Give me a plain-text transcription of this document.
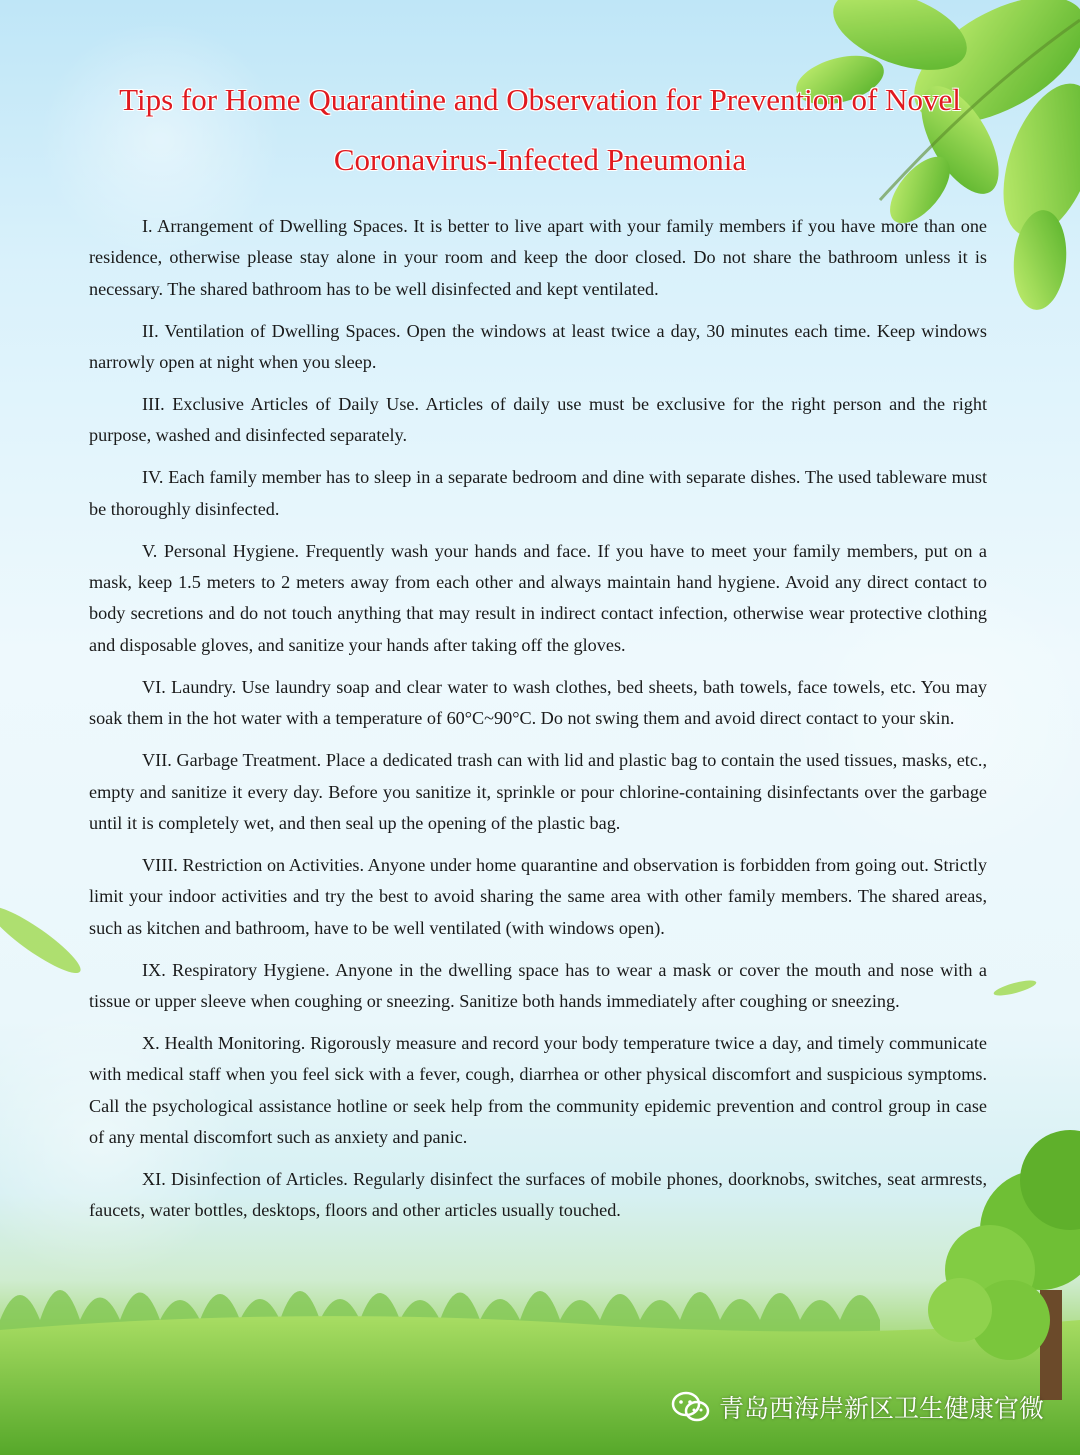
Tips for Home Quarantine and Observation for Prevention of Novel
Coronavirus-Infected Pneumonia

I. Arrangement of Dwelling Spaces. It is better to live apart with your family members if you have more than one residence, otherwise please stay alone in your room and keep the door closed. Do not share the bathroom unless it is necessary. The shared bathroom has to be well disinfected and kept ventilated.

II. Ventilation of Dwelling Spaces. Open the windows at least twice a day, 30 minutes each time. Keep windows narrowly open at night when you sleep.

III. Exclusive Articles of Daily Use. Articles of daily use must be exclusive for the right person and the right purpose, washed and disinfected separately.

IV. Each family member has to sleep in a separate bedroom and dine with separate dishes. The used tableware must be thoroughly disinfected.

V. Personal Hygiene. Frequently wash your hands and face. If you have to meet your family members, put on a mask, keep 1.5 meters to 2 meters away from each other and always maintain hand hygiene. Avoid any direct contact to body secretions and do not touch anything that may result in indirect contact infection, otherwise wear protective clothing and disposable gloves, and sanitize your hands after taking off the gloves.

VI. Laundry. Use laundry soap and clear water to wash clothes, bed sheets, bath towels, face towels, etc. You may soak them in the hot water with a temperature of 60°C~90°C. Do not swing them and avoid direct contact to your skin.

VII. Garbage Treatment. Place a dedicated trash can with lid and plastic bag to contain the used tissues, masks, etc., empty and sanitize it every day. Before you sanitize it, sprinkle or pour chlorine-containing disinfectants over the garbage until it is completely wet, and then seal up the opening of the plastic bag.

VIII. Restriction on Activities. Anyone under home quarantine and observation is forbidden from going out. Strictly limit your indoor activities and try the best to avoid sharing the same area with other family members. The shared areas, such as kitchen and bathroom, have to be well ventilated (with windows open).

IX. Respiratory Hygiene. Anyone in the dwelling space has to wear a mask or cover the mouth and nose with a tissue or upper sleeve when coughing or sneezing. Sanitize both hands immediately after coughing or sneezing.

X. Health Monitoring. Rigorously measure and record your body temperature twice a day, and timely communicate with medical staff when you feel sick with a fever, cough, diarrhea or other physical discomfort and suspicious symptoms. Call the psychological assistance hotline or seek help from the community epidemic prevention and control group in case of any mental discomfort such as anxiety and panic.

XI. Disinfection of Articles. Regularly disinfect the surfaces of mobile phones, doorknobs, switches, seat armrests, faucets, water bottles, desktops, floors and other articles usually touched.

青岛西海岸新区卫生健康官微
